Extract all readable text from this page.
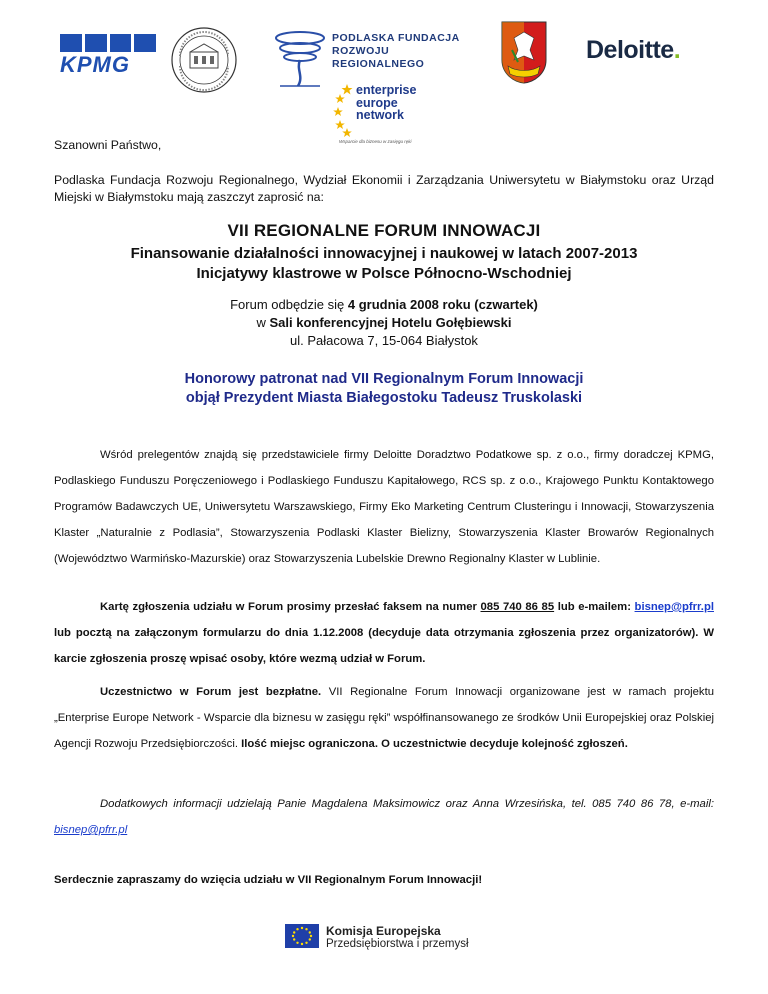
KPMG
PODLASKA FUNDACJA
ROZWOJU REGIONALNEGO	Deloitte.
enterprise
europe
network
Wsparcie dla biznesu w zasięgu ręki

Szanowni Państwo,

Podlaska Fundacja Rozwoju Regionalnego, Wydział Ekonomii i Zarządzania Uniwersytetu w Białymstoku oraz Urząd Miejski w Białymstoku mają zaszczyt zaprosić na:

VII REGIONALNE FORUM INNOWACJI
Finansowanie działalności innowacyjnej i naukowej w latach 2007-2013
Inicjatywy klastrowe w Polsce Północno-Wschodniej
Forum odbędzie się 4 grudnia 2008 roku (czwartek)
w Sali konferencyjnej Hotelu Gołębiewski
ul. Pałacowa 7, 15-064 Białystok
Honorowy patronat nad VII Regionalnym Forum Innowacji
objął Prezydent Miasta Białegostoku Tadeusz Truskolaski

Wśród prelegentów znajdą się przedstawiciele firmy Deloitte Doradztwo Podatkowe sp. z o.o., firmy doradczej KPMG, Podlaskiego Funduszu Poręczeniowego i Podlaskiego Funduszu Kapitałowego, RCS sp. z o.o., Krajowego Punktu Kontaktowego Programów Badawczych UE, Uniwersytetu Warszawskiego, Firmy Eko Marketing Centrum Clusteringu i Innowacji, Stowarzyszenia Klaster „Naturalnie z Podlasia”, Stowarzyszenia Podlaski Klaster Bielizny, Stowarzyszenia Klaster Browarów Regionalnych (Województwo Warmińsko-Mazurskie) oraz Stowarzyszenia Lubelskie Drewno Regionalny Klaster w Lublinie.

Kartę zgłoszenia udziału w Forum prosimy przesłać faksem na numer 085 740 86 85 lub e-mailem: bisnep@pfrr.pl lub pocztą na załączonym formularzu do dnia 1.12.2008 (decyduje data otrzymania zgłoszenia przez organizatorów). W karcie zgłoszenia proszę wpisać osoby, które wezmą udział w Forum.

Uczestnictwo w Forum jest bezpłatne. VII Regionalne Forum Innowacji organizowane jest w ramach projektu „Enterprise Europe Network - Wsparcie dla biznesu w zasięgu ręki” współfinansowanego ze środków Unii Europejskiej oraz Polskiej Agencji Rozwoju Przedsiębiorczości. Ilość miejsc ograniczona. O uczestnictwie decyduje kolejność zgłoszeń.

Dodatkowych informacji udzielają Panie Magdalena Maksimowicz oraz Anna Wrzesińska, tel. 085 740 86 78, e-mail: bisnep@pfrr.pl

Serdecznie zapraszamy do wzięcia udziału w VII Regionalnym Forum Innowacji!

Komisja Europejska
Przedsiębiorstwa i przemysł
